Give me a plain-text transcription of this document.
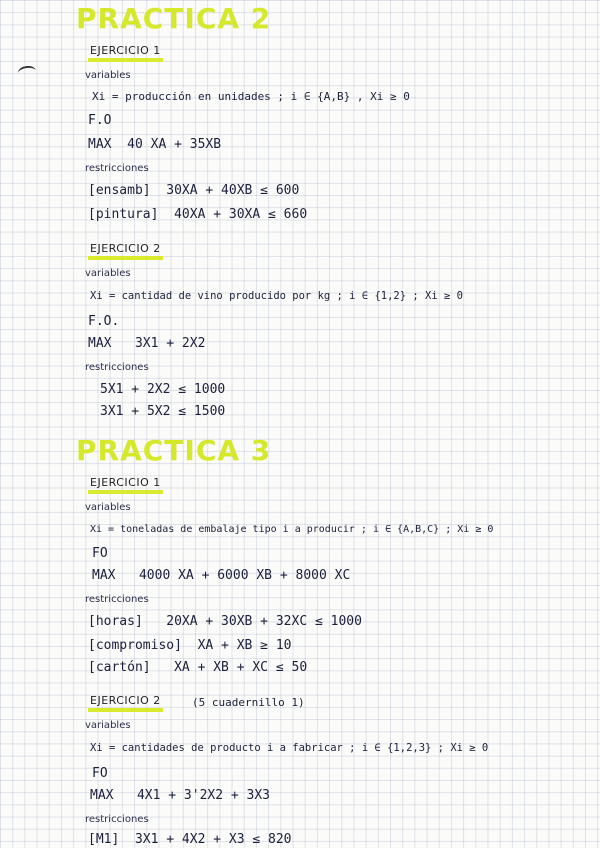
PRACTICA 2
EJERCICIO 1
variables
Xi = producción en unidades ; i ∈ {A,B} , Xi ≥ 0
F.O
MAX  40 XA + 35XB
restricciones
[ensamb]  30XA + 40XB ≤ 600
[pintura]  40XA + 30XA ≤ 660
EJERCICIO 2
variables
Xi = cantidad de vino producido por kg ; i ∈ {1,2} ; Xi ≥ 0
F.O.
MAX   3X1 + 2X2
restricciones
5X1 + 2X2 ≤ 1000
3X1 + 5X2 ≤ 1500
PRACTICA 3
EJERCICIO 1
variables
Xi = toneladas de embalaje tipo i a producir ; i ∈ {A,B,C} ; Xi ≥ 0
FO
MAX   4000 XA + 6000 XB + 8000 XC
restricciones
[horas]   20XA + 30XB + 32XC ≤ 1000
[compromiso]  XA + XB ≥ 10
[cartón]   XA + XB + XC ≤ 50
EJERCICIO 2	(5 cuadernillo 1)
variables
Xi = cantidades de producto i a fabricar ; i ∈ {1,2,3} ; Xi ≥ 0
FO
MAX   4X1 + 3'2X2 + 3X3
restricciones
[M1]  3X1 + 4X2 + X3 ≤ 820
